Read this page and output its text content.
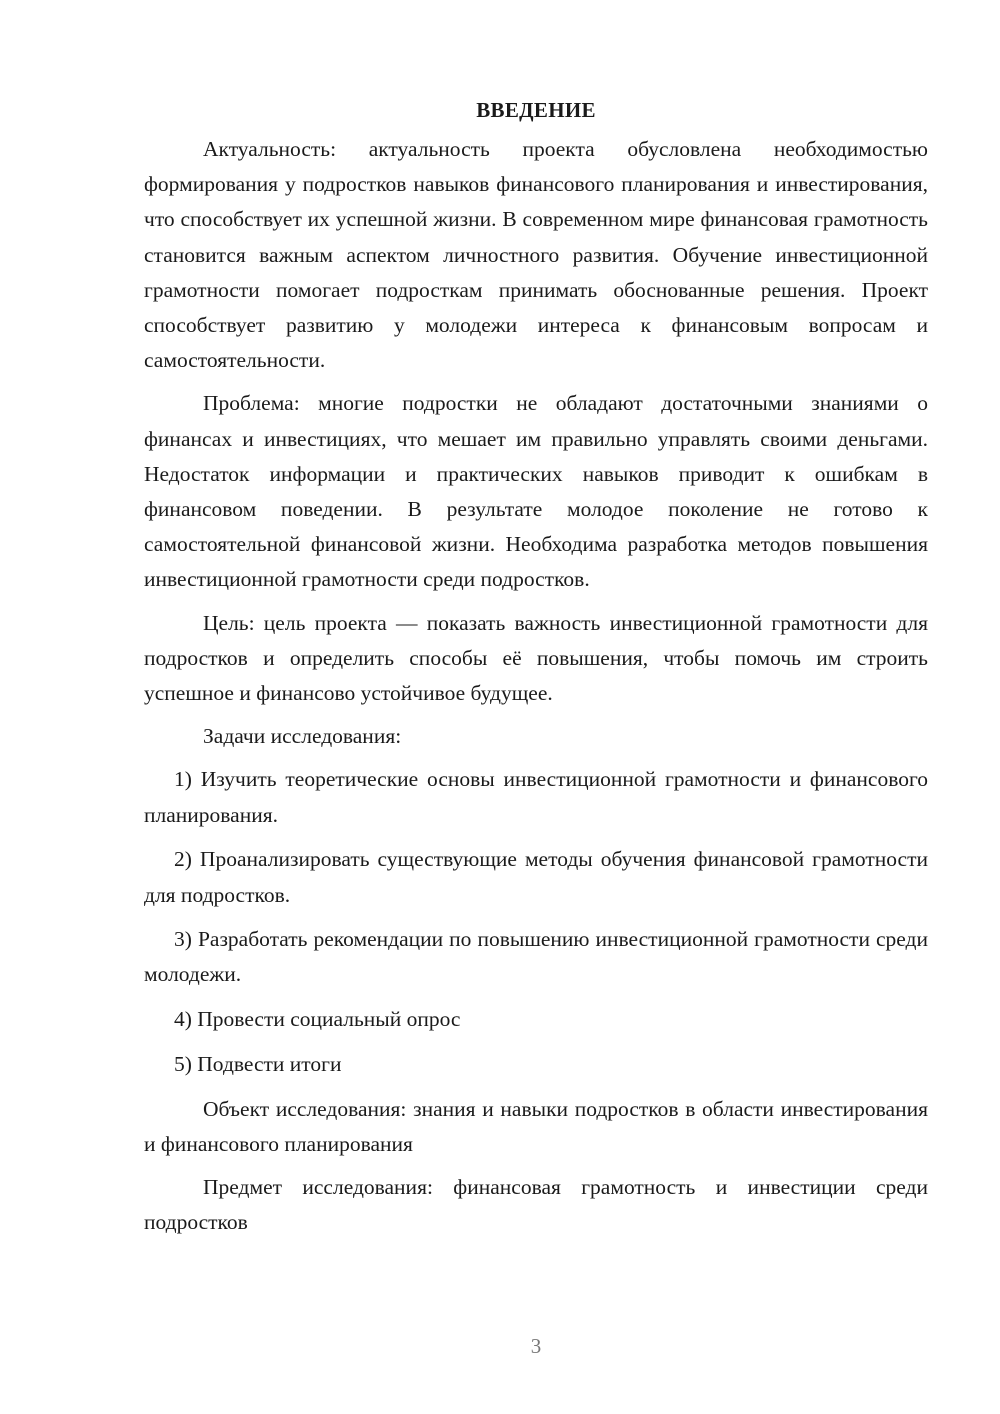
ВВЕДЕНИЕ

Актуальность: актуальность проекта обусловлена необходимостью формирования у подростков навыков финансового планирования и инвестирования, что способствует их успешной жизни. В современном мире финансовая грамотность становится важным аспектом личностного развития. Обучение инвестиционной грамотности помогает подросткам принимать обоснованные решения. Проект способствует развитию у молодежи интереса к финансовым вопросам и самостоятельности.

Проблема: многие подростки не обладают достаточными знаниями о финансах и инвестициях, что мешает им правильно управлять своими деньгами. Недостаток информации и практических навыков приводит к ошибкам в финансовом поведении. В результате молодое поколение не готово к самостоятельной финансовой жизни. Необходима разработка методов повышения инвестиционной грамотности среди подростков.

Цель: цель проекта — показать важность инвестиционной грамотности для подростков и определить способы её повышения, чтобы помочь им строить успешное и финансово устойчивое будущее.

Задачи исследования:

1) Изучить теоретические основы инвестиционной грамотности и финансового планирования.

2) Проанализировать существующие методы обучения финансовой грамотности для подростков.

3) Разработать рекомендации по повышению инвестиционной грамотности среди молодежи.

4) Провести социальный опрос

5) Подвести итоги

Объект исследования: знания и навыки подростков в области инвестирования и финансового планирования

Предмет исследования: финансовая грамотность и инвестиции среди подростков

3
